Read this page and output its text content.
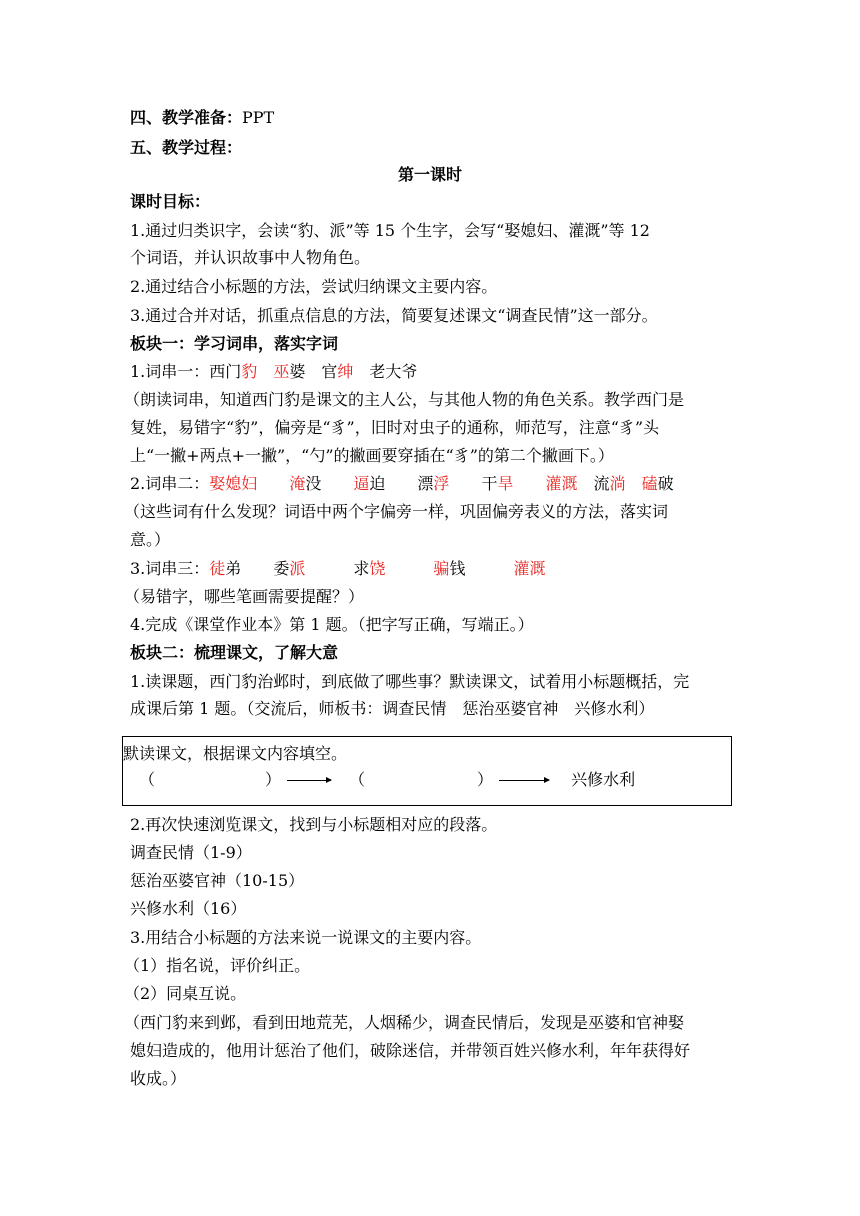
四、教学准备：PPT
五、教学过程：
第一课时
课时目标：
1.通过归类识字，会读“豹、派”等 15 个生字，会写“娶媳妇、灌溉”等 12
个词语，并认识故事中人物角色。
2.通过结合小标题的方法，尝试归纳课文主要内容。
3.通过合并对话，抓重点信息的方法，简要复述课文“调查民情”这一部分。
板块一：学习词串，落实字词
1.词串一：西门豹　 巫婆　官绅　 老大爷
（朗读词串，知道西门豹是课文的主人公，与其他人物的角色关系。教学西门是
复姓，易错字“豹”，偏旁是“豸”，旧时对虫子的通称，师范写，注意“豸”头
上“一撇+两点+一撇”，“勺”的撇画要穿插在“豸”的第二个撇画下。）
2.词串二：娶媳妇　　 淹没　　 逼迫　　 漂浮　　 干旱　　 灌溉　 流淌　 磕破
（这些词有什么发现？词语中两个字偏旁一样，巩固偏旁表义的方法，落实词
意。）
3.词串三：徒弟　　 委派　　　	求饶　　　	骗钱　　　	灌溉
（易错字，哪些笔画需要提醒？）
4.完成《课堂作业本》第 1 题。（把字写正确，写端正。）
板块二：梳理课文，了解大意
1.读课题，西门豹治邺时，到底做了哪些事？默读课文，试着用小标题概括，完
成课后第 1 题。（交流后，师板书：调查民情　惩治巫婆官神　兴修水利）
默读课文，根据课文内容填空。
（	）	（	）	兴修水利
2.再次快速浏览课文，找到与小标题相对应的段落。
调查民情（1-9）
惩治巫婆官神（10-15）
兴修水利（16）
3.用结合小标题的方法来说一说课文的主要内容。
（1）指名说，评价纠正。
（2）同桌互说。
（西门豹来到邺，看到田地荒芜，人烟稀少，调查民情后，发现是巫婆和官神娶
媳妇造成的，他用计惩治了他们，破除迷信，并带领百姓兴修水利，年年获得好
收成。）
